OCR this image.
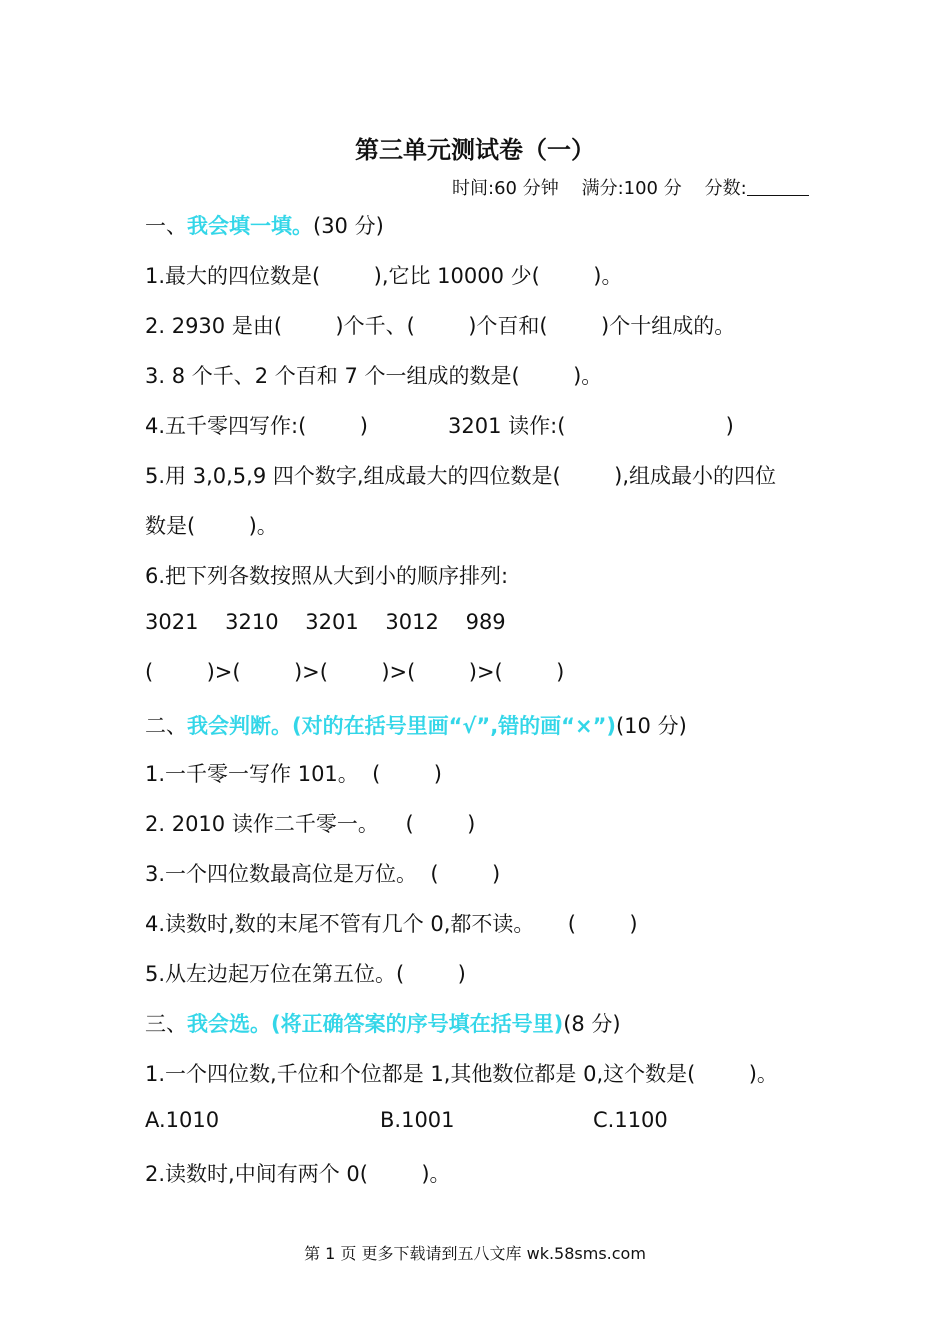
第三单元测试卷（一）
时间:60 分钟 满分:100 分 分数:
一、我会填一填。(30 分)
1.最大的四位数是(        ),它比 10000 少(        )。
2. 2930 是由(        )个千、(        )个百和(        )个十组成的。
3. 8 个千、2 个百和 7 个一组成的数是(        )。
4.五千零四写作:(        )            3201 读作:(                        )
5.用 3,0,5,9 四个数字,组成最大的四位数是(        ),组成最小的四位
数是(        )。
6.把下列各数按照从大到小的顺序排列:
3021    3210    3201    3012    989
(        )>(        )>(        )>(        )>(        )
二、我会判断。(对的在括号里画“√”,错的画“×”)(10 分)
1.一千零一写作 101。  (        )
2. 2010 读作二千零一。    (        )
3.一个四位数最高位是万位。  (        )
4.读数时,数的末尾不管有几个 0,都不读。     (        )
5.从左边起万位在第五位。(        )
三、我会选。(将正确答案的序号填在括号里)(8 分)
1.一个四位数,千位和个位都是 1,其他数位都是 0,这个数是(        )。
A.1010	B.1001	C.1100
2.读数时,中间有两个 0(        )。
第 1 页 更多下载请到五八文库 wk.58sms.com
